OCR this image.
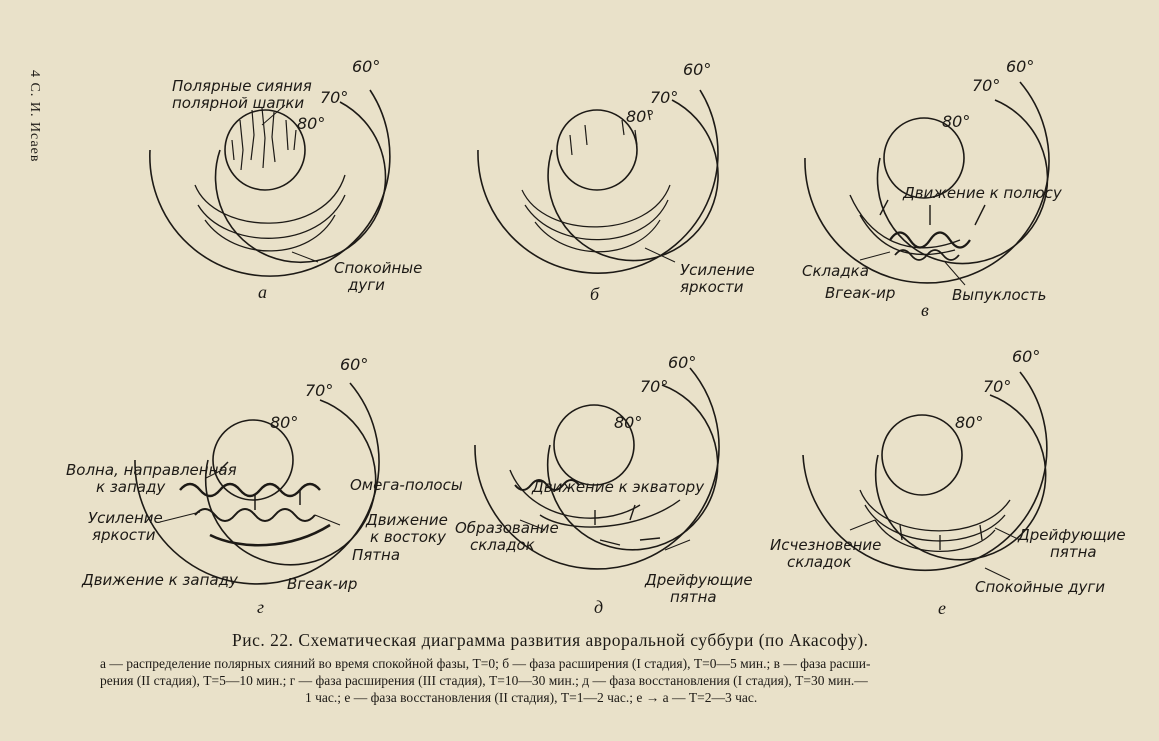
4 С. И. Исаев
60°
70°
80°
Полярные сияния
полярной шапки
Спокойные
дуги
а
60°
70°
80°
Усиление
яркости
б
60°
70°
80°
Движение к полюсу
Складка
Вгеак-ир	Выпуклость
в
60°
70°
80°
Волна, направленная
к западу	Омега-полосы
Усиление
яркости
Движение
к востоку
Пятна
Движение к западу	Вгеак-ир
г
60°
70°
80°
Движение к экватору
Образование
складок
Дрейфующие
пятна
д
60°
70°
80°
Дрейфующие
пятна
Исчезновение
складок
Спокойные дуги
е
Рис. 22. Схематическая диаграмма развития авроральной суббури (по Акасофу).
а — распределение полярных сияний во время спокойной фазы, T=0; б — фаза расширения (I стадия), T=0—5 мин.; в — фаза расши-
рения (II стадия), T=5—10 мин.; г — фаза расширения (III стадия), T=10—30 мин.; д — фаза восстановления (I стадия), T=30 мин.—
1 час.; е — фаза восстановления (II стадия), T=1—2 час.; е → а — T=2—3 час.
